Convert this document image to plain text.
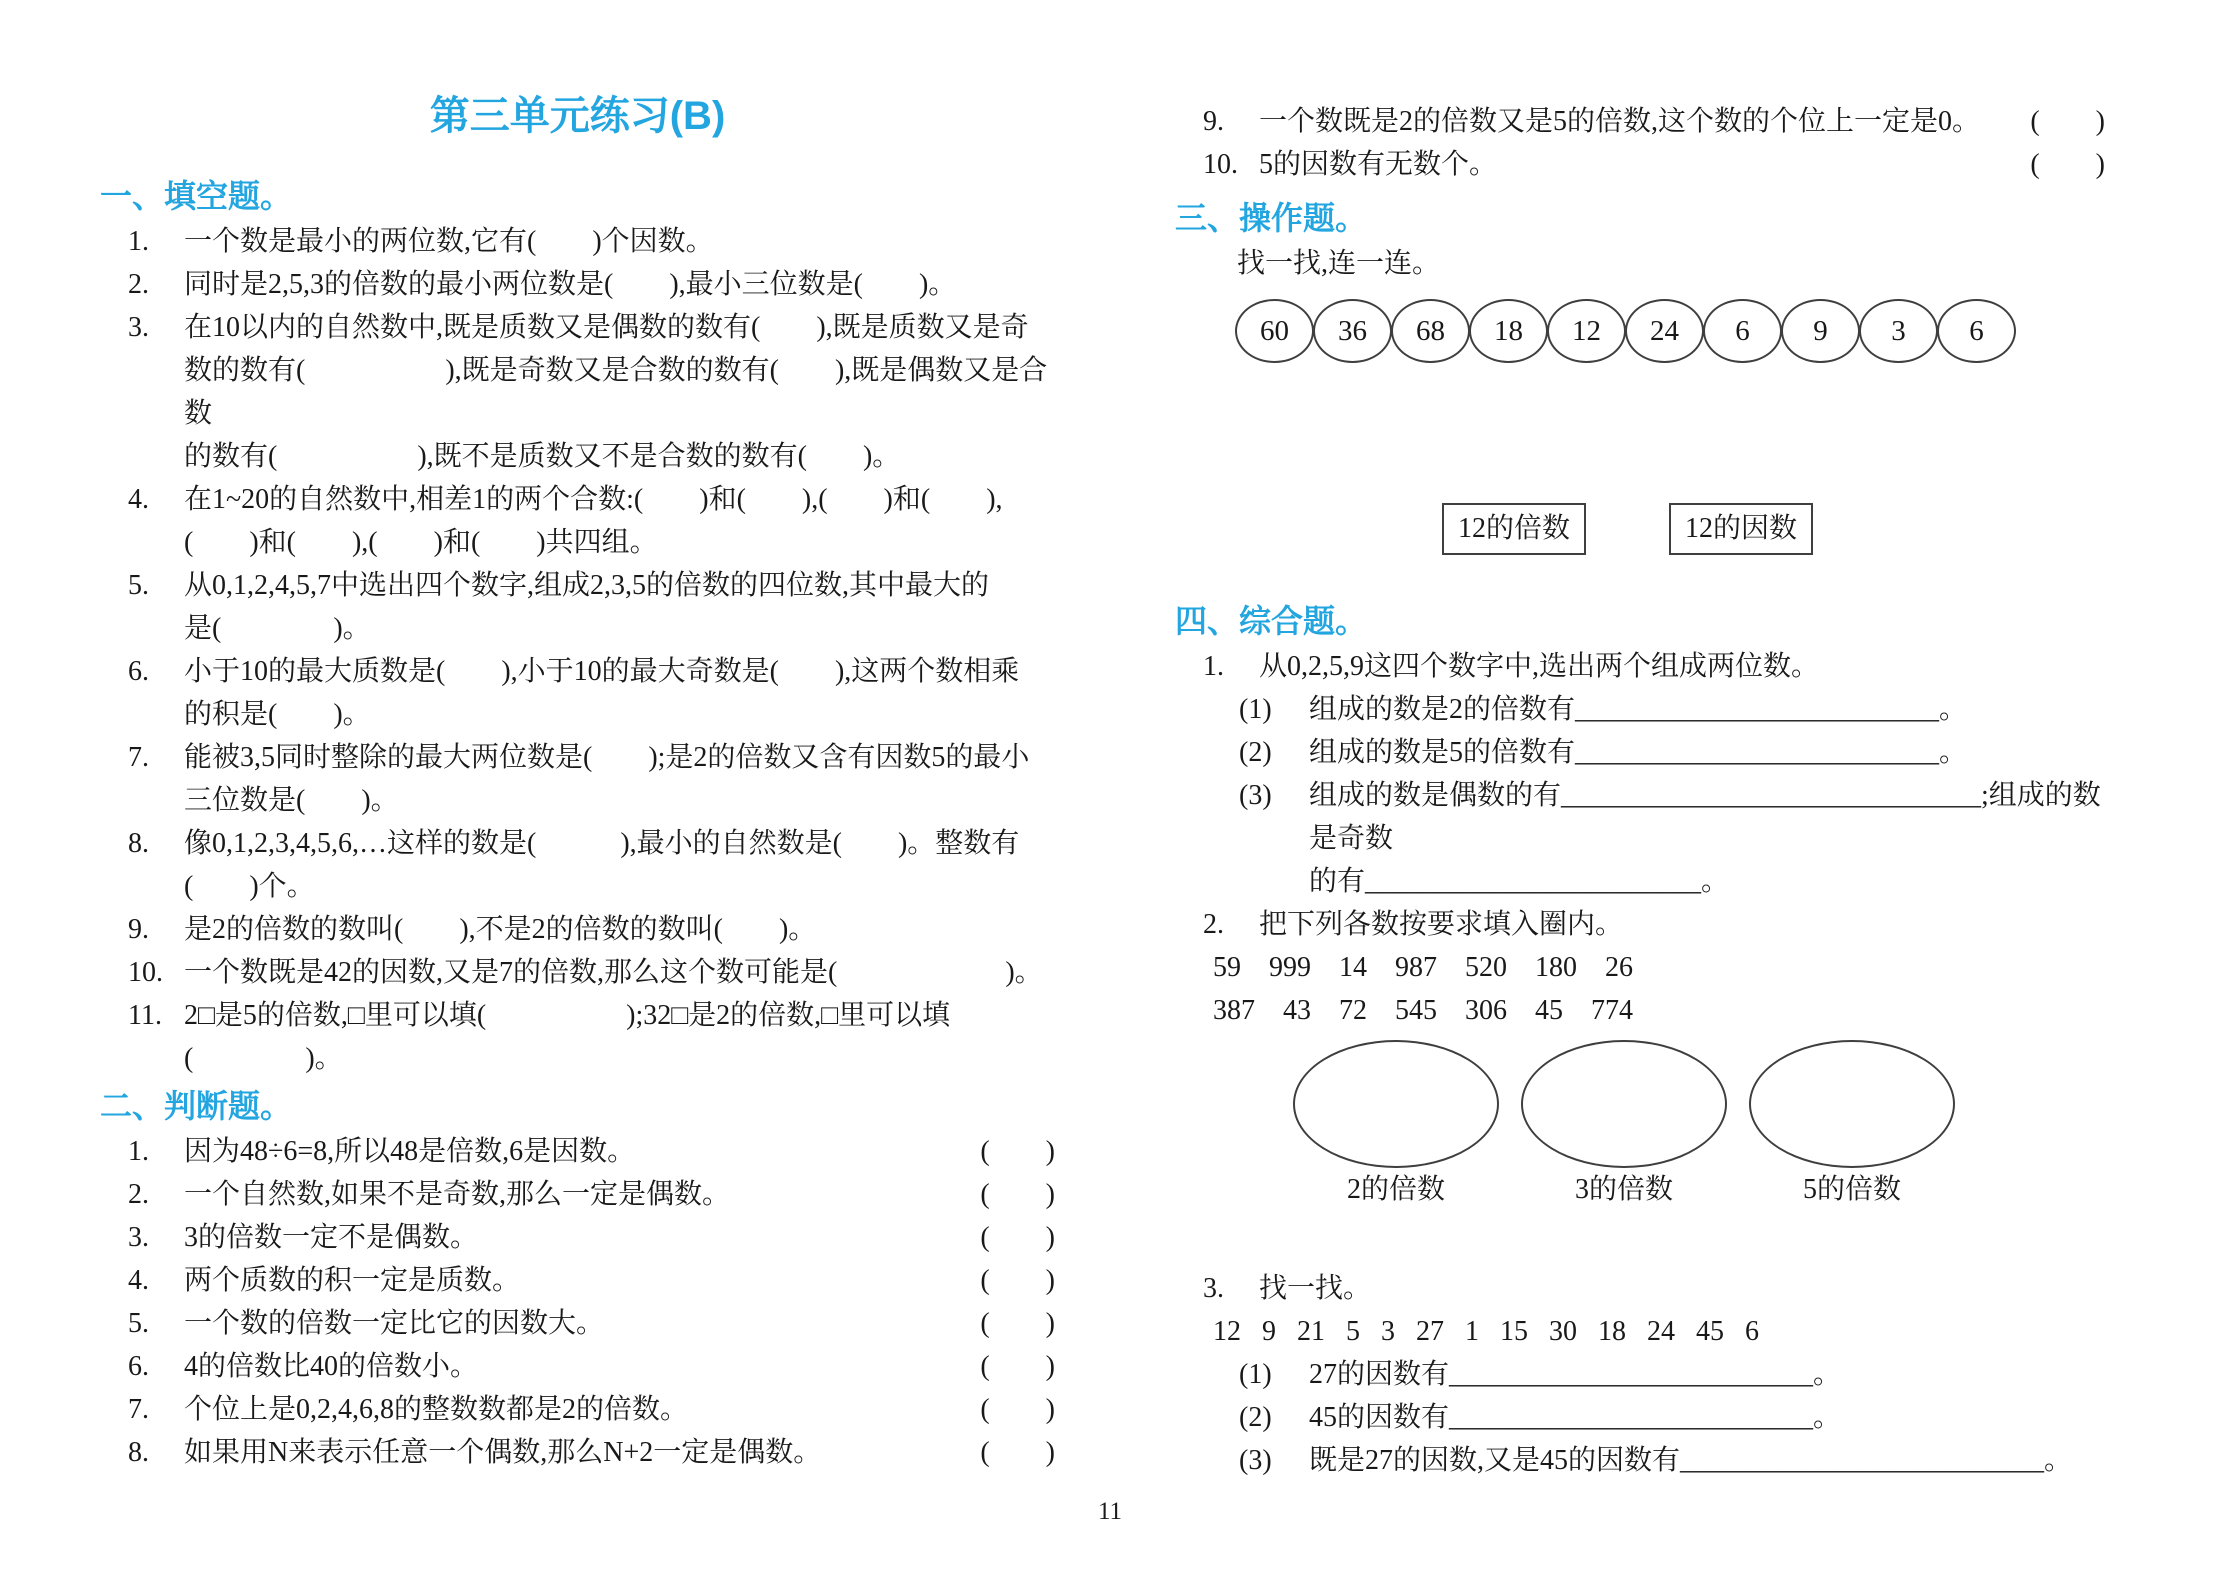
第三单元练习(B)
一、填空题。
1.	一个数是最小的两位数,它有(　　)个因数。
2.	同时是2,5,3的倍数的最小两位数是(　　),最小三位数是(　　)。
3.	在10以内的自然数中,既是质数又是偶数的数有(　　),既是质数又是奇
数的数有(　　　　　),既是奇数又是合数的数有(　　),既是偶数又是合数
的数有(　　　　　),既不是质数又不是合数的数有(　　)。
4.	在1~20的自然数中,相差1的两个合数:(　　)和(　　),(　　)和(　　),
(　　)和(　　),(　　)和(　　)共四组。
5.	从0,1,2,4,5,7中选出四个数字,组成2,3,5的倍数的四位数,其中最大的
是(　　　　)。
6.	小于10的最大质数是(　　),小于10的最大奇数是(　　),这两个数相乘
的积是(　　)。
7.	能被3,5同时整除的最大两位数是(　　);是2的倍数又含有因数5的最小
三位数是(　　)。
8.	像0,1,2,3,4,5,6,…这样的数是(　　　),最小的自然数是(　　)。整数有
(　　)个。
9.	是2的倍数的数叫(　　),不是2的倍数的数叫(　　)。
10. 一个数既是42的因数,又是7的倍数,那么这个数可能是(　　　　　　)。
11. 2□是5的倍数,□里可以填(　　　　　);32□是2的倍数,□里可以填
(　　　　)。
二、判断题。
1.	因为48÷6=8,所以48是倍数,6是因数。	(　　)
2.	一个自然数,如果不是奇数,那么一定是偶数。	(　　)
3.	3的倍数一定不是偶数。	(　　)
4.	两个质数的积一定是质数。	(　　)
5.	一个数的倍数一定比它的因数大。	(　　)
6.	4的倍数比40的倍数小。	(　　)
7.	个位上是0,2,4,6,8的整数数都是2的倍数。	(　　)
8.	如果用N来表示任意一个偶数,那么N+2一定是偶数。	(　　)
9.	一个数既是2的倍数又是5的倍数,这个数的个位上一定是0。	(　　)
10. 5的因数有无数个。	(　　)
三、操作题。
找一找,连一连。
60	36	68	18	12	24	6	9	3	6
12的倍数	12的因数
四、综合题。
1.	从0,2,5,9这四个数字中,选出两个组成两位数。
(1)	组成的数是2的倍数有__________________________。
(2)	组成的数是5的倍数有__________________________。
(3)	组成的数是偶数的有______________________________;组成的数是奇数
的有________________________。
2.	把下列各数按要求填入圈内。
59 999 14 987 520 180 26
387 43 72 545 306 45 774
2的倍数	3的倍数	5的倍数
3.	找一找。
12 9 21 5 3 27 1 15 30 18 24 45 6
(1)	27的因数有__________________________。
(2)	45的因数有__________________________。
(3)	既是27的因数,又是45的因数有__________________________。
11
